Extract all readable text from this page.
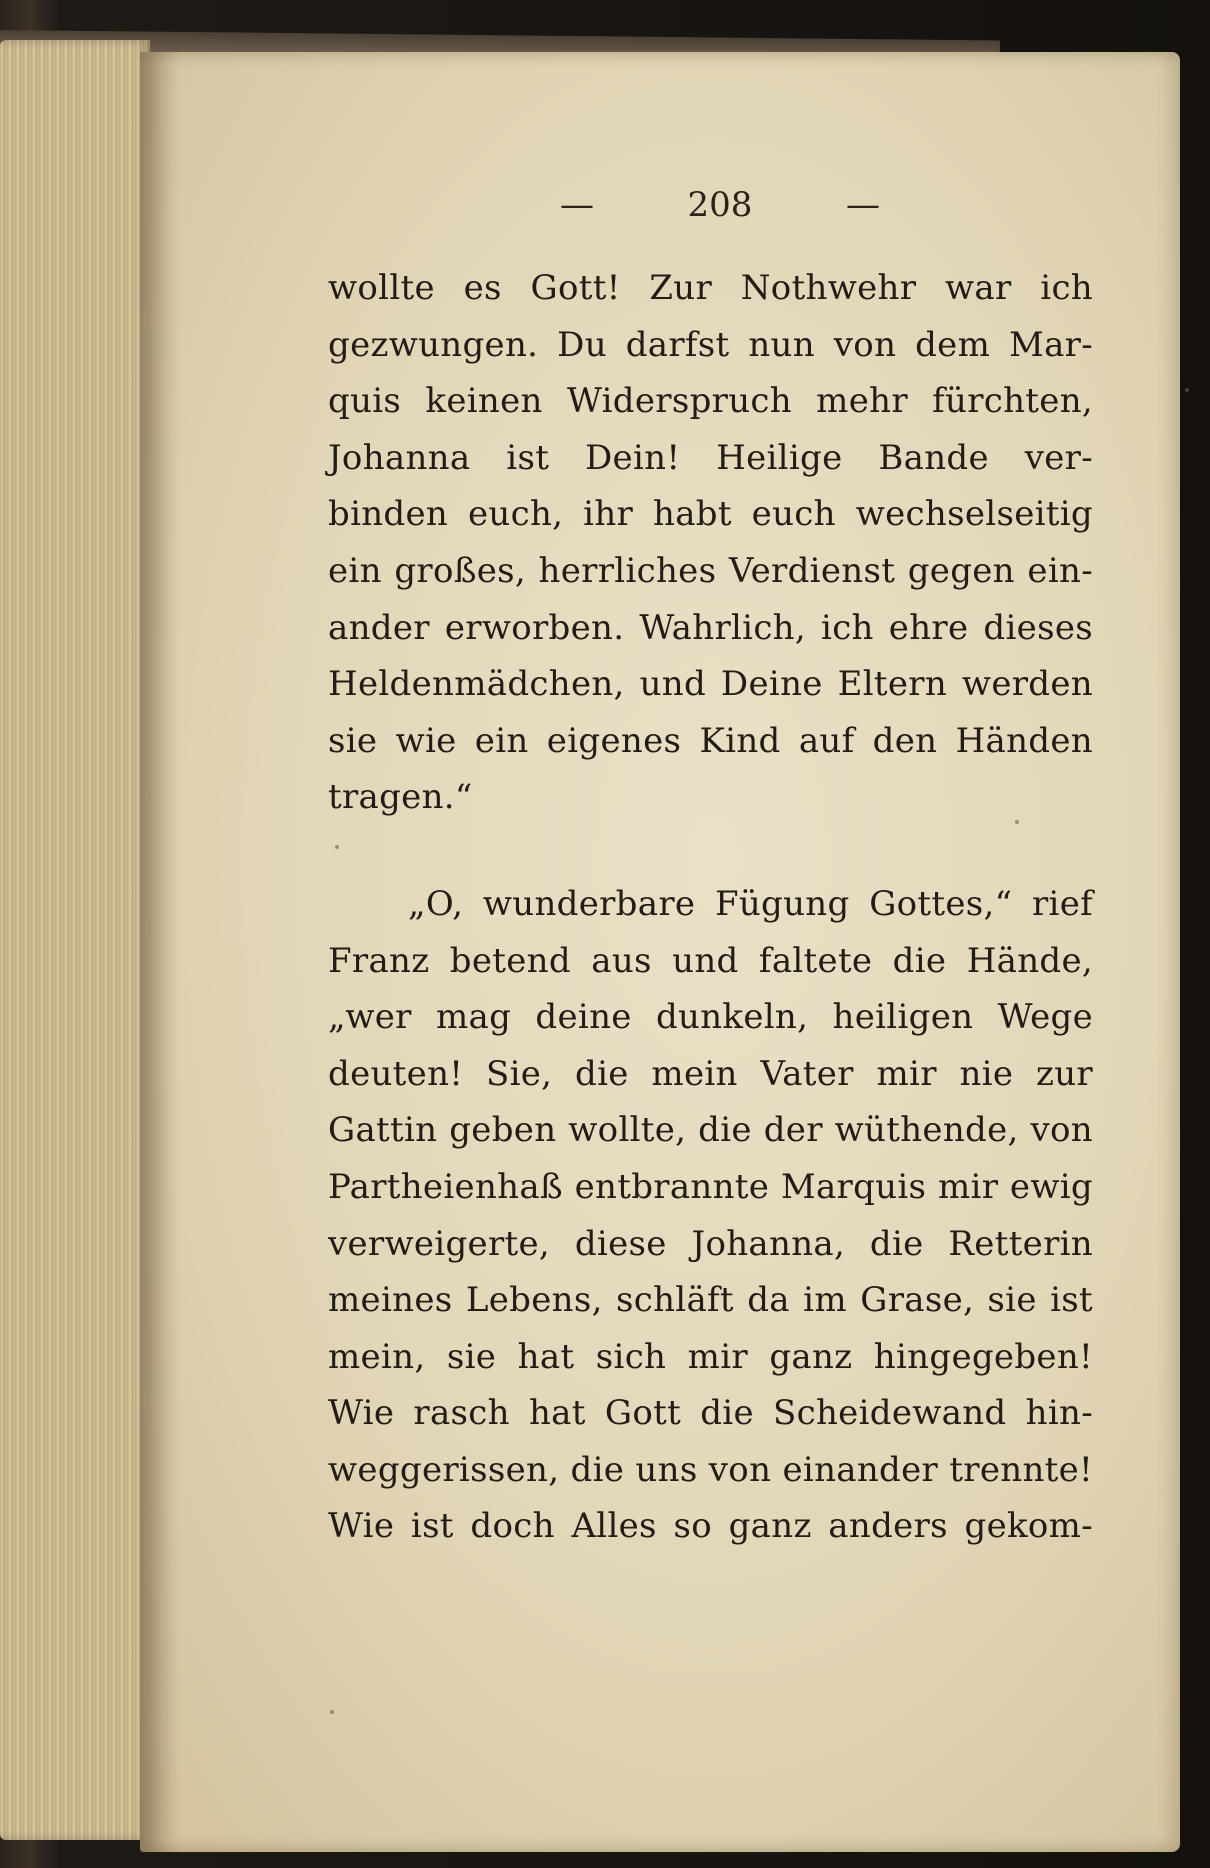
—	208	—
wollte es Gott! Zur Nothwehr war ich
gezwungen. Du darfst nun von dem Mar-
quis keinen Widerspruch mehr fürchten,
Johanna ist Dein! Heilige Bande ver-
binden euch, ihr habt euch wechselseitig
ein großes, herrliches Verdienst gegen ein-
ander erworben. Wahrlich, ich ehre dieses
Heldenmädchen, und Deine Eltern werden
sie wie ein eigenes Kind auf den Händen
tragen.“
„O, wunderbare Fügung Gottes,“ rief
Franz betend aus und faltete die Hände,
„wer mag deine dunkeln, heiligen Wege
deuten! Sie, die mein Vater mir nie zur
Gattin geben wollte, die der wüthende, von
Partheienhaß entbrannte Marquis mir ewig
verweigerte, diese Johanna, die Retterin
meines Lebens, schläft da im Grase, sie ist
mein, sie hat sich mir ganz hingegeben!
Wie rasch hat Gott die Scheidewand hin-
weggerissen, die uns von einander trennte!
Wie ist doch Alles so ganz anders gekom-
